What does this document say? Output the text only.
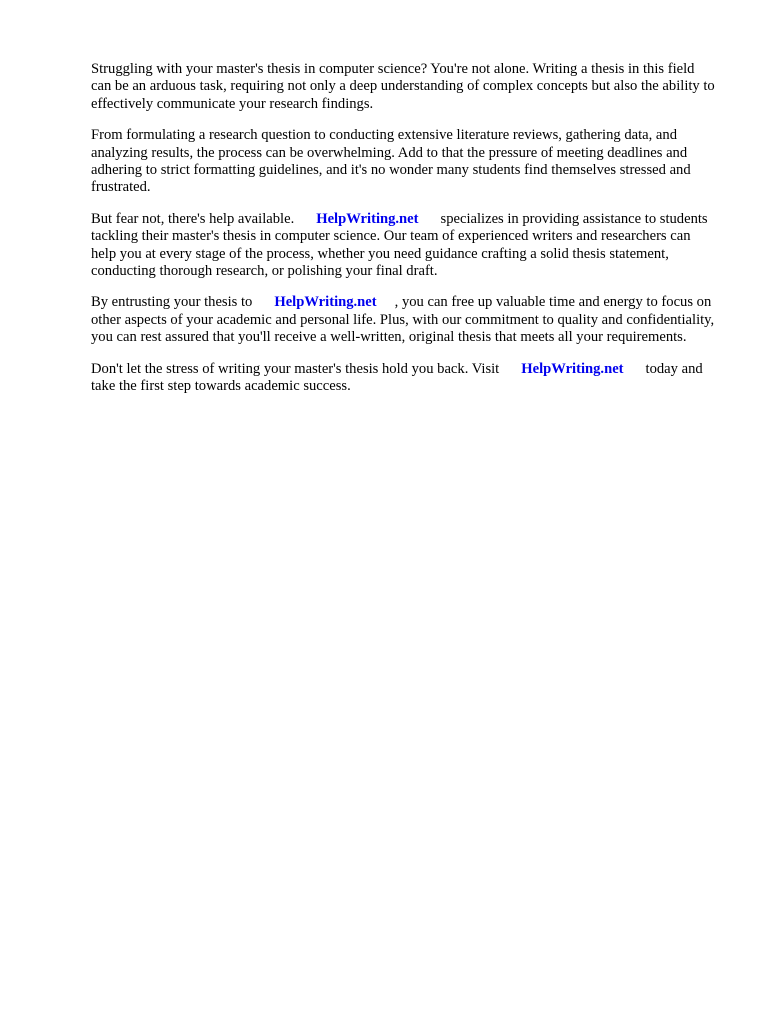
Struggling with your master's thesis in computer science? You're not alone. Writing a thesis in this field can be an arduous task, requiring not only a deep understanding of complex concepts but also the ability to effectively communicate your research findings.

From formulating a research question to conducting extensive literature reviews, gathering data, and analyzing results, the process can be overwhelming. Add to that the pressure of meeting deadlines and adhering to strict formatting guidelines, and it's no wonder many students find themselves stressed and frustrated.

But fear not, there's help available. HelpWriting.net specializes in providing assistance to students tackling their master's thesis in computer science. Our team of experienced writers and researchers can help you at every stage of the process, whether you need guidance crafting a solid thesis statement, conducting thorough research, or polishing your final draft.

By entrusting your thesis to HelpWriting.net , you can free up valuable time and energy to focus on other aspects of your academic and personal life. Plus, with our commitment to quality and confidentiality, you can rest assured that you'll receive a well-written, original thesis that meets all your requirements.

Don't let the stress of writing your master's thesis hold you back. Visit HelpWriting.net today and take the first step towards academic success.
